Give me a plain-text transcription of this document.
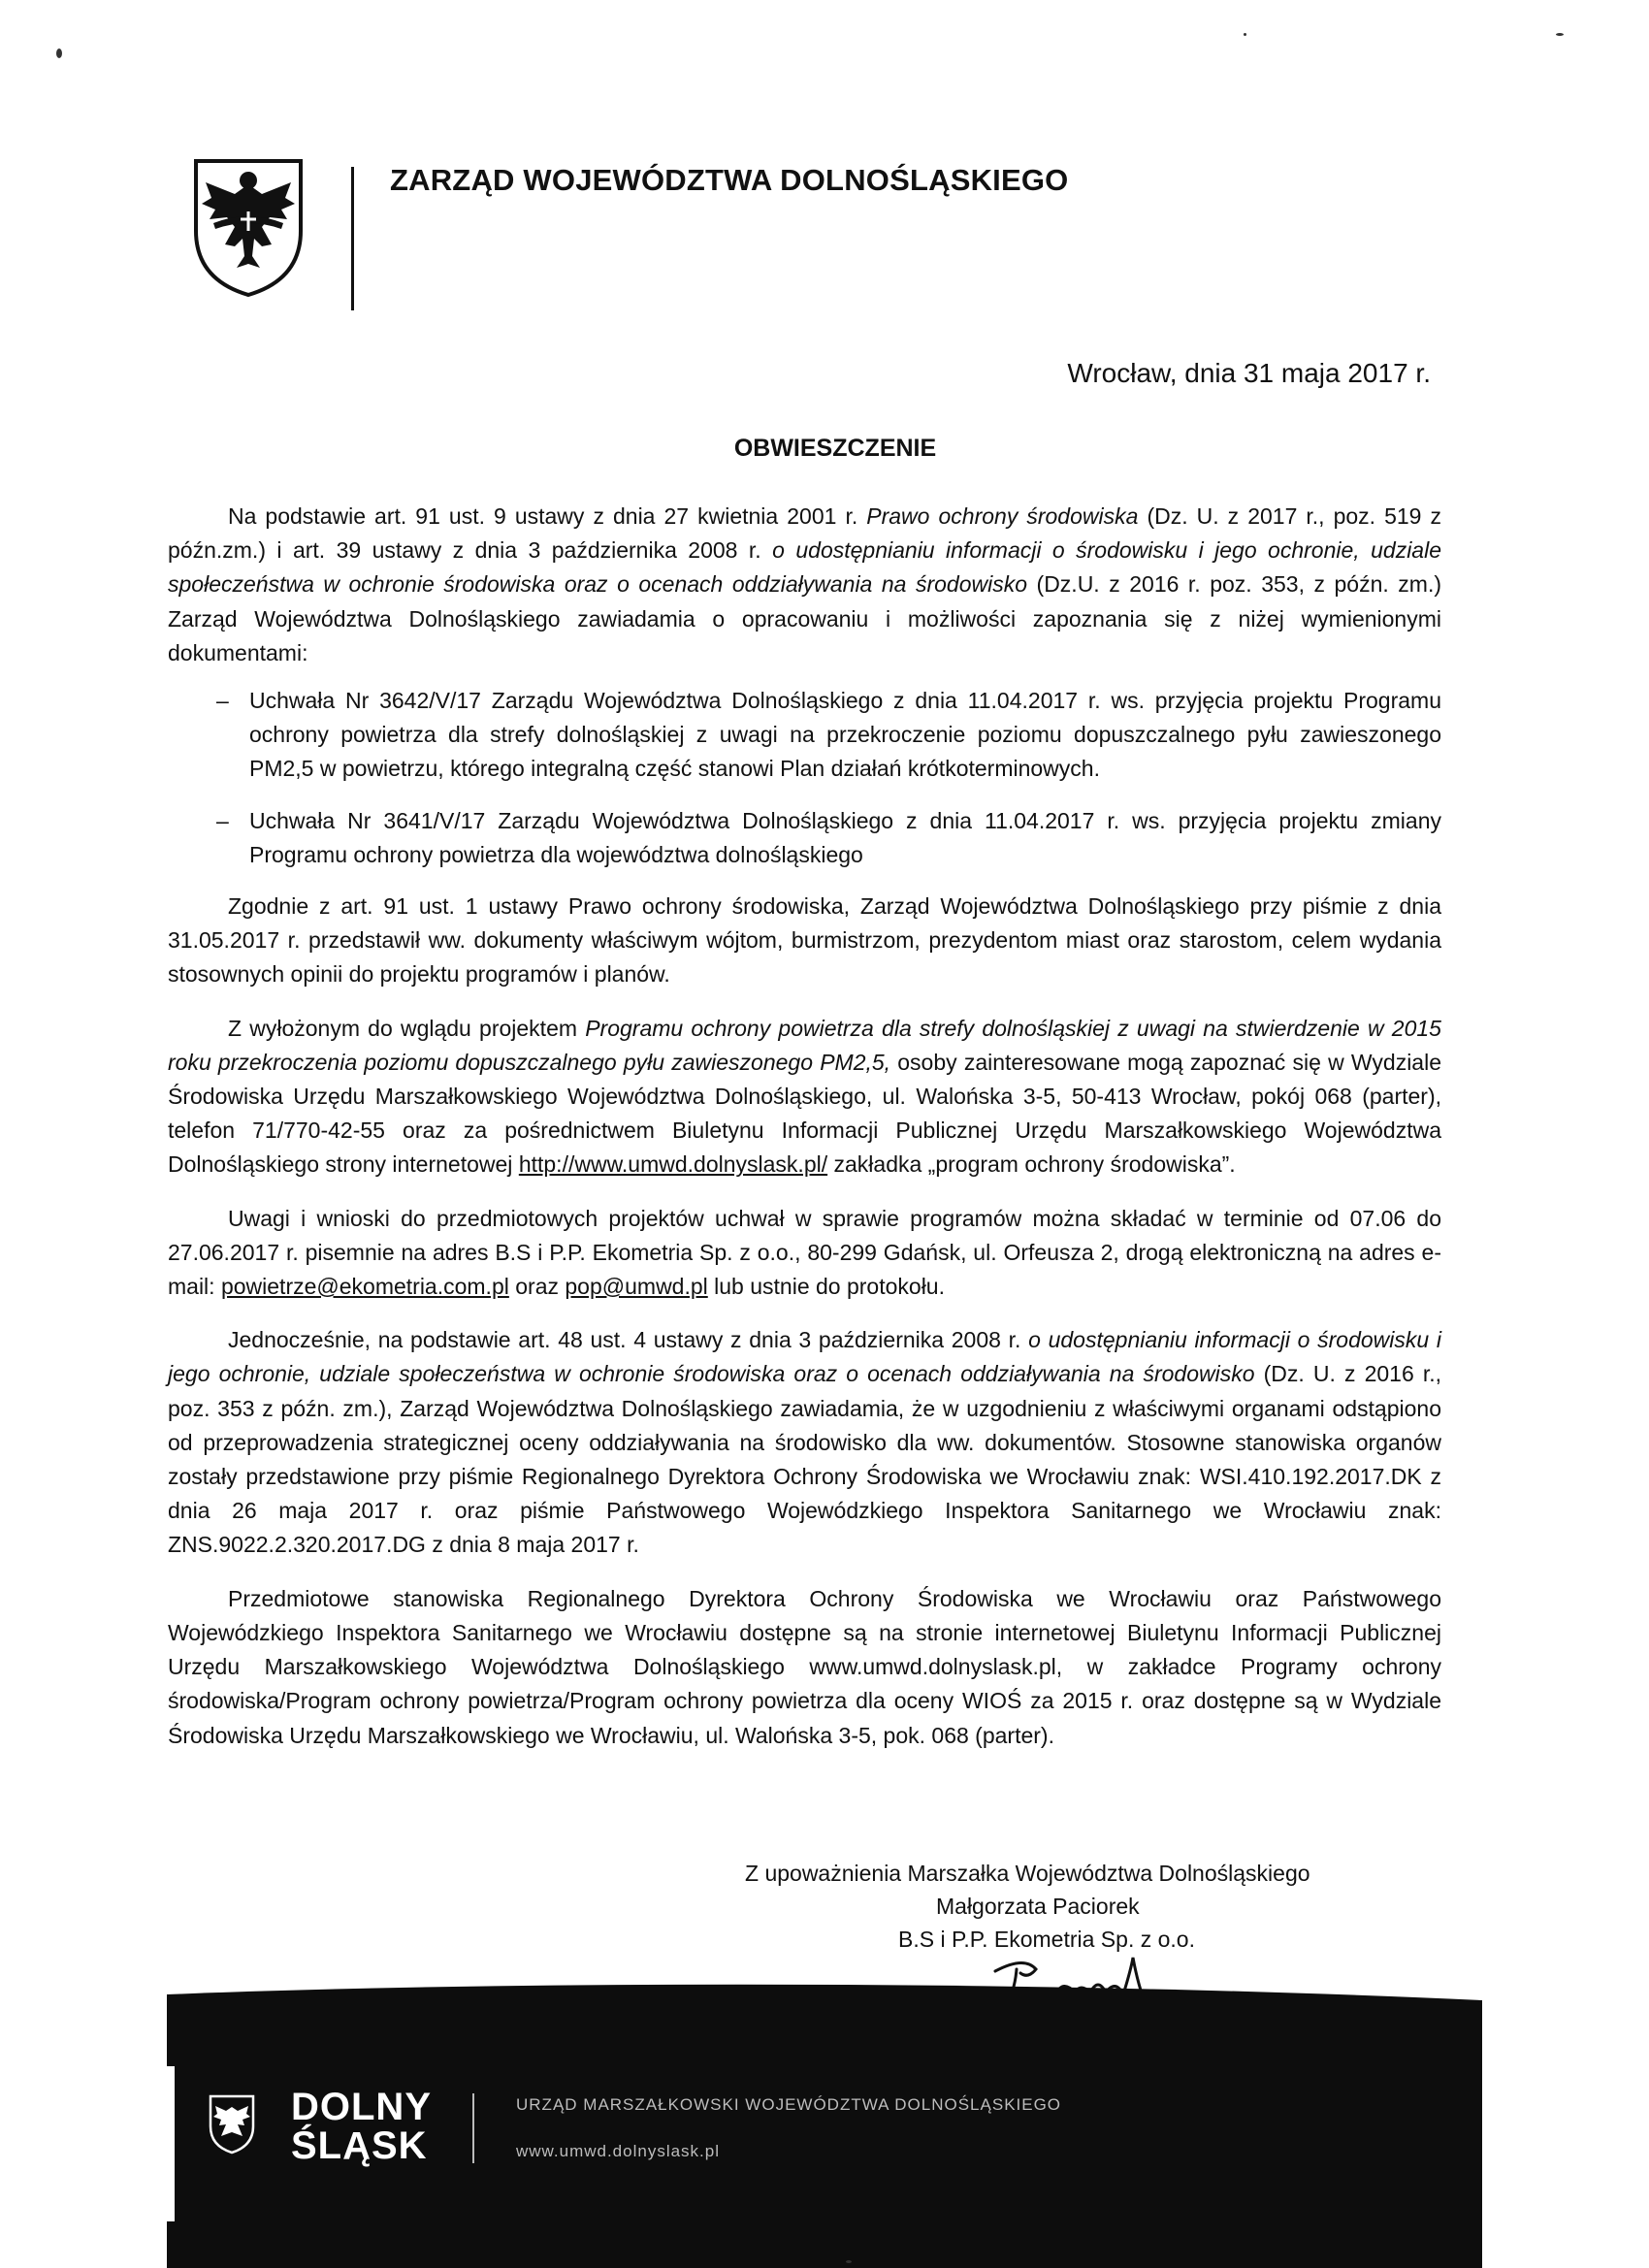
ZARZĄD WOJEWÓDZTWA DOLNOŚLĄSKIEGO
Wrocław, dnia 31 maja 2017 r.
OBWIESZCZENIE

Na podstawie art. 91 ust. 9 ustawy z dnia 27 kwietnia 2001 r. Prawo ochrony środowiska (Dz. U. z 2017 r., poz. 519 z późn.zm.) i art. 39 ustawy z dnia 3 października 2008 r. o udostępnianiu informacji o środowisku i jego ochronie, udziale społeczeństwa w ochronie środowiska oraz o ocenach oddziaływania na środowisko (Dz.U. z 2016 r. poz. 353, z późn. zm.) Zarząd Województwa Dolnośląskiego zawiadamia o opracowaniu i możliwości zapoznania się z niżej wymienionymi dokumentami:

– Uchwała Nr 3642/V/17 Zarządu Województwa Dolnośląskiego z dnia 11.04.2017 r. ws. przyjęcia projektu Programu ochrony powietrza dla strefy dolnośląskiej z uwagi na przekroczenie poziomu dopuszczalnego pyłu zawieszonego PM2,5 w powietrzu, którego integralną część stanowi Plan działań krótkoterminowych.
– Uchwała Nr 3641/V/17 Zarządu Województwa Dolnośląskiego z dnia 11.04.2017 r. ws. przyjęcia projektu zmiany Programu ochrony powietrza dla województwa dolnośląskiego

Zgodnie z art. 91 ust. 1 ustawy Prawo ochrony środowiska, Zarząd Województwa Dolnośląskiego przy piśmie z dnia 31.05.2017 r. przedstawił ww. dokumenty właściwym wójtom, burmistrzom, prezydentom miast oraz starostom, celem wydania stosownych opinii do projektu programów i planów.

Z wyłożonym do wglądu projektem Programu ochrony powietrza dla strefy dolnośląskiej z uwagi na stwierdzenie w 2015 roku przekroczenia poziomu dopuszczalnego pyłu zawieszonego PM2,5, osoby zainteresowane mogą zapoznać się w Wydziale Środowiska Urzędu Marszałkowskiego Województwa Dolnośląskiego, ul. Walońska 3-5, 50-413 Wrocław, pokój 068 (parter), telefon 71/770-42-55 oraz za pośrednictwem Biuletynu Informacji Publicznej Urzędu Marszałkowskiego Województwa Dolnośląskiego strony internetowej http://www.umwd.dolnyslask.pl/ zakładka „program ochrony środowiska”.

Uwagi i wnioski do przedmiotowych projektów uchwał w sprawie programów można składać w terminie od 07.06 do 27.06.2017 r. pisemnie na adres B.S i P.P. Ekometria Sp. z o.o., 80-299 Gdańsk, ul. Orfeusza 2, drogą elektroniczną na adres e-mail: powietrze@ekometria.com.pl oraz pop@umwd.pl lub ustnie do protokołu.

Jednocześnie, na podstawie art. 48 ust. 4 ustawy z dnia 3 października 2008 r. o udostępnianiu informacji o środowisku i jego ochronie, udziale społeczeństwa w ochronie środowiska oraz o ocenach oddziaływania na środowisko (Dz. U. z 2016 r., poz. 353 z późn. zm.), Zarząd Województwa Dolnośląskiego zawiadamia, że w uzgodnieniu z właściwymi organami odstąpiono od przeprowadzenia strategicznej oceny oddziaływania na środowisko dla ww. dokumentów. Stosowne stanowiska organów zostały przedstawione przy piśmie Regionalnego Dyrektora Ochrony Środowiska we Wrocławiu znak: WSI.410.192.2017.DK z dnia 26 maja 2017 r. oraz piśmie Państwowego Wojewódzkiego Inspektora Sanitarnego we Wrocławiu znak: ZNS.9022.2.320.2017.DG z dnia 8 maja 2017 r.

Przedmiotowe stanowiska Regionalnego Dyrektora Ochrony Środowiska we Wrocławiu oraz Państwowego Wojewódzkiego Inspektora Sanitarnego we Wrocławiu dostępne są na stronie internetowej Biuletynu Informacji Publicznej Urzędu Marszałkowskiego Województwa Dolnośląskiego www.umwd.dolnyslask.pl, w zakładce Programy ochrony środowiska/Program ochrony powietrza/Program ochrony powietrza dla oceny WIOŚ za 2015 r. oraz dostępne są w Wydziale Środowiska Urzędu Marszałkowskiego we Wrocławiu, ul. Walońska 3-5, pok. 068 (parter).

Z upoważnienia Marszałka Województwa Dolnośląskiego
Małgorzata Paciorek
B.S i P.P. Ekometria Sp. z o.o.
DOLNY
ŚLĄSK
URZĄD MARSZAŁKOWSKI WOJEWÓDZTWA DOLNOŚLĄSKIEGO
www.umwd.dolnyslask.pl
